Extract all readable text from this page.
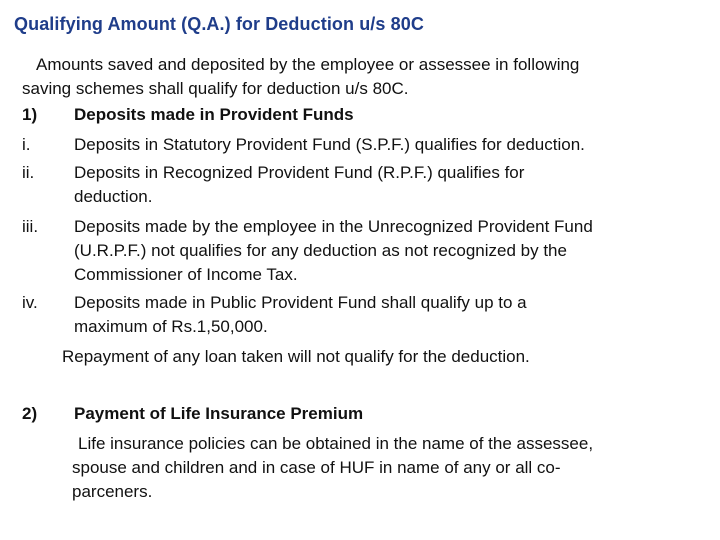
Qualifying Amount (Q.A.) for Deduction u/s 80C
Amounts saved and deposited by the employee or assessee in following
saving schemes shall qualify for deduction u/s 80C.
1) Deposits made in Provident Funds
i.	Deposits in Statutory Provident Fund (S.P.F.) qualifies for deduction.
ii. Deposits in Recognized Provident Fund (R.P.F.) qualifies for
deduction.
iii. Deposits made by the employee in the Unrecognized Provident Fund
(U.R.P.F.) not qualifies for any deduction as not recognized by the
Commissioner of Income Tax.
iv. Deposits made in Public Provident Fund shall qualify up to a
maximum of Rs.1,50,000.
Repayment of any loan taken will not qualify for the deduction.
2) Payment of Life Insurance Premium
Life insurance policies can be obtained in the name of the assessee,
spouse and children and in case of HUF in name of any or all co-
parceners.
